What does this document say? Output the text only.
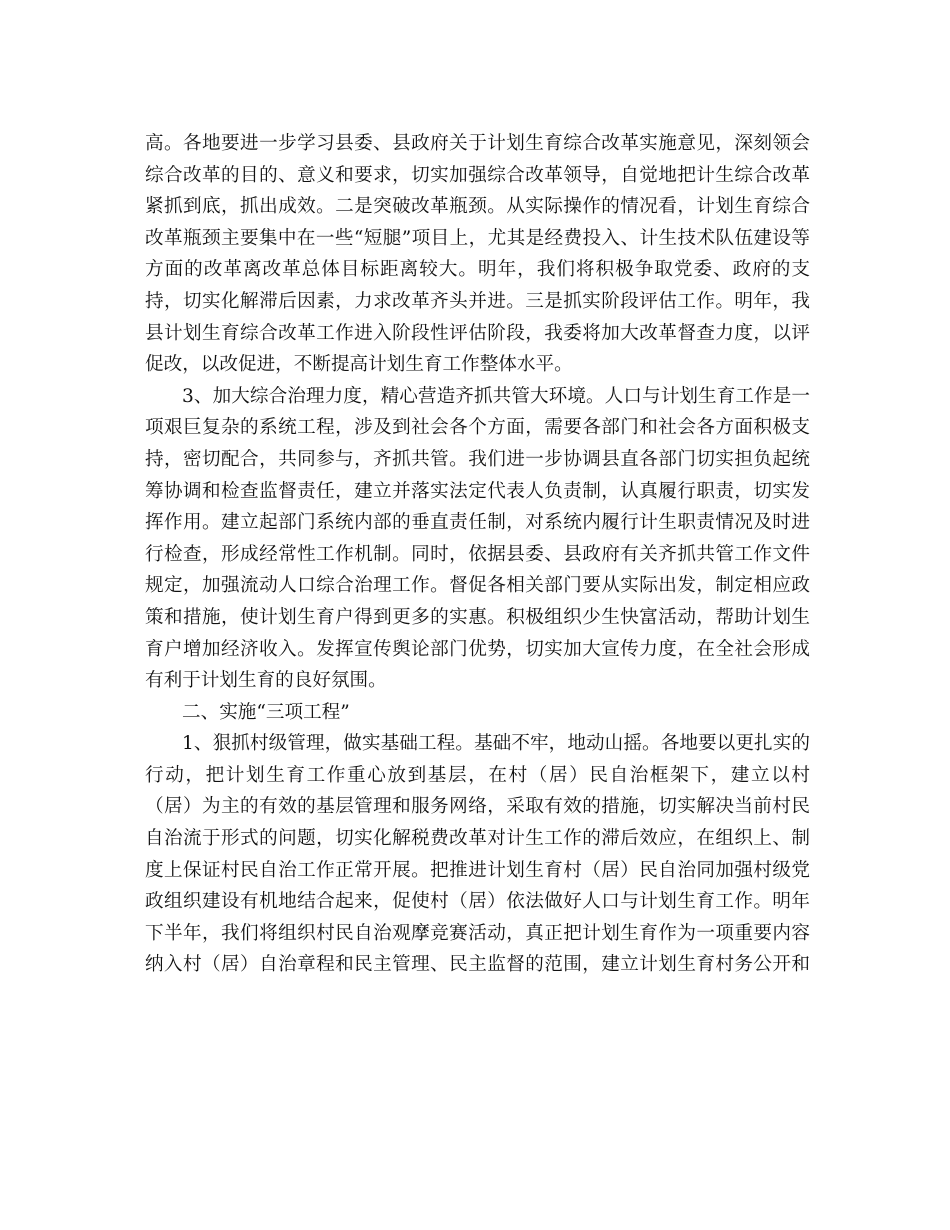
高。各地要进一步学习县委、县政府关于计划生育综合改革实施意见，深刻领会
综合改革的目的、意义和要求，切实加强综合改革领导，自觉地把计生综合改革
紧抓到底，抓出成效。二是突破改革瓶颈。从实际操作的情况看，计划生育综合
改革瓶颈主要集中在一些“短腿”项目上，尤其是经费投入、计生技术队伍建设等
方面的改革离改革总体目标距离较大。明年，我们将积极争取党委、政府的支
持，切实化解滞后因素，力求改革齐头并进。三是抓实阶段评估工作。明年，我
县计划生育综合改革工作进入阶段性评估阶段，我委将加大改革督查力度，以评
促改，以改促进，不断提高计划生育工作整体水平。
3、加大综合治理力度，精心营造齐抓共管大环境。人口与计划生育工作是一
项艰巨复杂的系统工程，涉及到社会各个方面，需要各部门和社会各方面积极支
持，密切配合，共同参与，齐抓共管。我们进一步协调县直各部门切实担负起统
筹协调和检查监督责任，建立并落实法定代表人负责制，认真履行职责，切实发
挥作用。建立起部门系统内部的垂直责任制，对系统内履行计生职责情况及时进
行检查，形成经常性工作机制。同时，依据县委、县政府有关齐抓共管工作文件
规定，加强流动人口综合治理工作。督促各相关部门要从实际出发，制定相应政
策和措施，使计划生育户得到更多的实惠。积极组织少生快富活动，帮助计划生
育户增加经济收入。发挥宣传舆论部门优势，切实加大宣传力度，在全社会形成
有利于计划生育的良好氛围。
二、实施“三项工程”
1、狠抓村级管理，做实基础工程。基础不牢，地动山摇。各地要以更扎实的
行动，把计划生育工作重心放到基层，在村（居）民自治框架下，建立以村
（居）为主的有效的基层管理和服务网络，采取有效的措施，切实解决当前村民
自治流于形式的问题，切实化解税费改革对计生工作的滞后效应，在组织上、制
度上保证村民自治工作正常开展。把推进计划生育村（居）民自治同加强村级党
政组织建设有机地结合起来，促使村（居）依法做好人口与计划生育工作。明年
下半年，我们将组织村民自治观摩竞赛活动，真正把计划生育作为一项重要内容
纳入村（居）自治章程和民主管理、民主监督的范围，建立计划生育村务公开和
